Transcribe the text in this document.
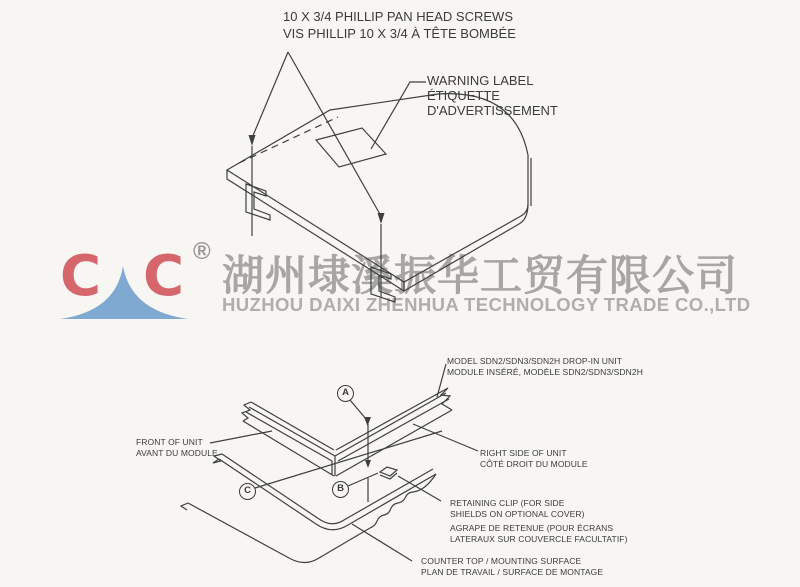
C C ®
湖州埭溪振华工贸有限公司
HUZHOU DAIXI ZHENHUA TECHNOLOGY TRADE CO.,LTD
10 X 3/4 PHILLIP PAN HEAD SCREWS
VIS PHILLIP 10 X 3/4 À TÊTE BOMBÉE
WARNING LABEL
ÉTIQUETTE
D'ADVERTISSEMENT
MODEL SDN2/SDN3/SDN2H DROP-IN UNIT
MODULE INSÉRÉ, MODÈLE SDN2/SDN3/SDN2H
FRONT OF UNIT
AVANT DU MODULE	RIGHT SIDE OF UNIT
CÔTÉ DROIT DU MODULE
RETAINING CLIP (FOR SIDE
SHIELDS ON OPTIONAL COVER)
AGRAPE DE RETENUE (POUR ÉCRANS
LATERAUX SUR COUVERCLE FACULTATIF)
COUNTER TOP / MOUNTING SURFACE
PLAN DE TRAVAIL / SURFACE DE MONTAGE
A
B
C
